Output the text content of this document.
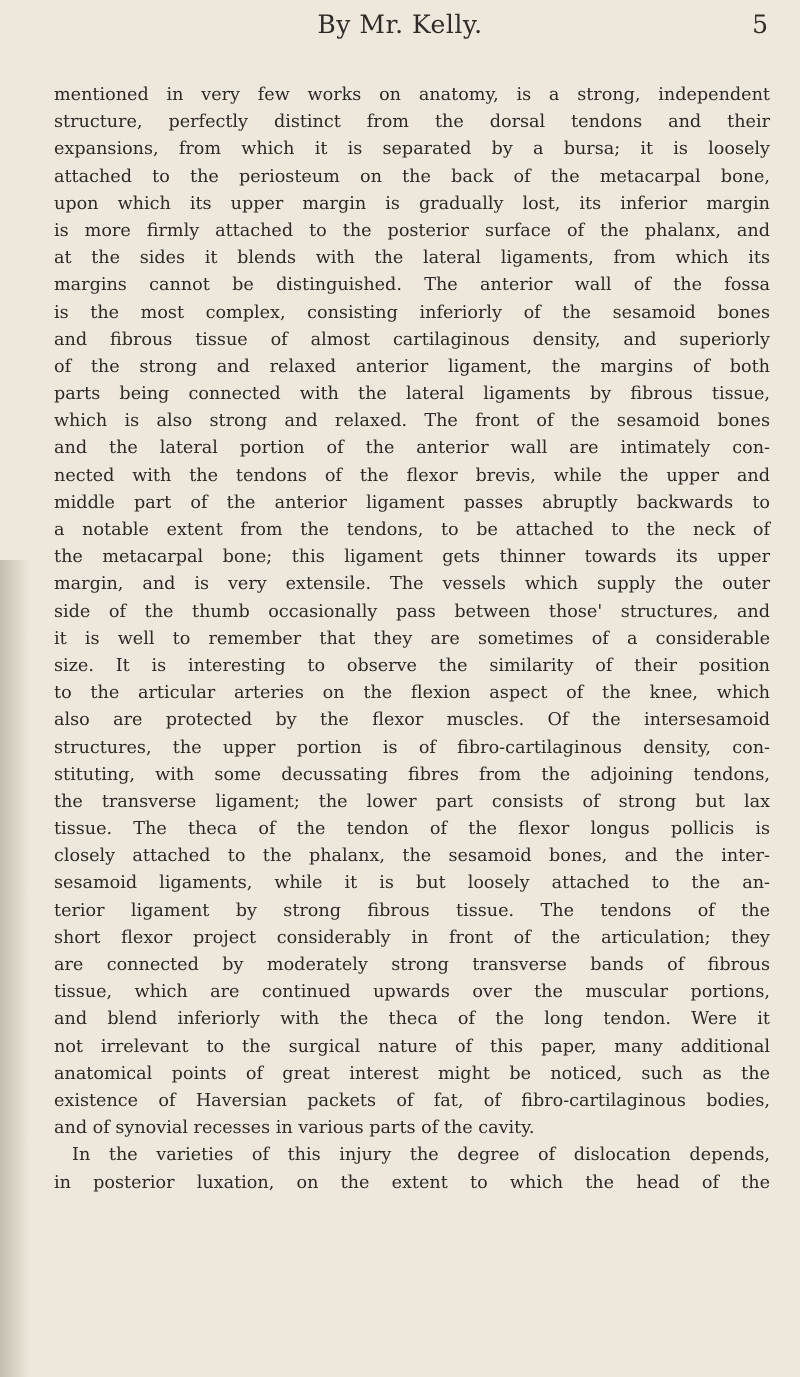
By Mr. Kelly.	5
mentioned in very few works on anatomy, is a strong, independent
structure, perfectly distinct from the dorsal tendons and their
expansions, from which it is separated by a bursa; it is loosely
attached to the periosteum on the back of the metacarpal bone,
upon which its upper margin is gradually lost, its inferior margin
is more firmly attached to the posterior surface of the phalanx, and
at the sides it blends with the lateral ligaments, from which its
margins cannot be distinguished. The anterior wall of the fossa
is the most complex, consisting inferiorly of the sesamoid bones
and fibrous tissue of almost cartilaginous density, and superiorly
of the strong and relaxed anterior ligament, the margins of both
parts being connected with the lateral ligaments by fibrous tissue,
which is also strong and relaxed. The front of the sesamoid bones
and the lateral portion of the anterior wall are intimately con-
nected with the tendons of the flexor brevis, while the upper and
middle part of the anterior ligament passes abruptly backwards to
a notable extent from the tendons, to be attached to the neck of
the metacarpal bone; this ligament gets thinner towards its upper
margin, and is very extensile. The vessels which supply the outer
side of the thumb occasionally pass between those' structures, and
it is well to remember that they are sometimes of a considerable
size. It is interesting to observe the similarity of their position
to the articular arteries on the flexion aspect of the knee, which
also are protected by the flexor muscles. Of the intersesamoid
structures, the upper portion is of fibro-cartilaginous density, con-
stituting, with some decussating fibres from the adjoining tendons,
the transverse ligament; the lower part consists of strong but lax
tissue. The theca of the tendon of the flexor longus pollicis is
closely attached to the phalanx, the sesamoid bones, and the inter-
sesamoid ligaments, while it is but loosely attached to the an-
terior ligament by strong fibrous tissue. The tendons of the
short flexor project considerably in front of the articulation; they
are connected by moderately strong transverse bands of fibrous
tissue, which are continued upwards over the muscular portions,
and blend inferiorly with the theca of the long tendon. Were it
not irrelevant to the surgical nature of this paper, many additional
anatomical points of great interest might be noticed, such as the
existence of Haversian packets of fat, of fibro-cartilaginous bodies,
and of synovial recesses in various parts of the cavity.
In the varieties of this injury the degree of dislocation depends,
in posterior luxation, on the extent to which the head of the
